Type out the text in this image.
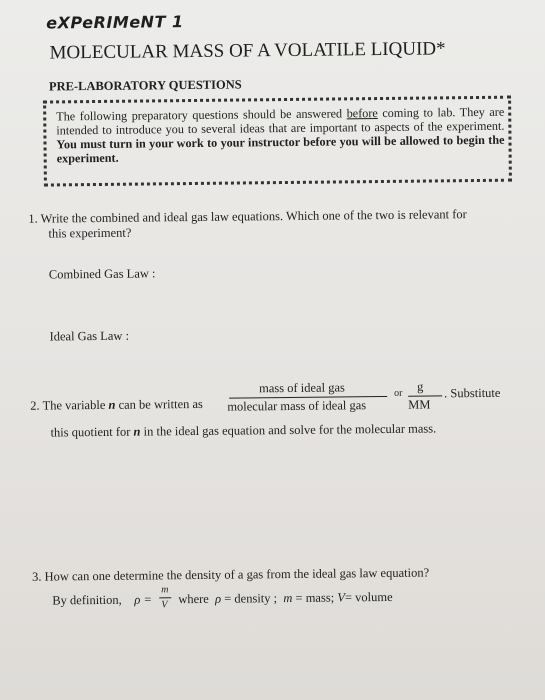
eXPeRIMeNT 1
MOLECULAR MASS OF A VOLATILE LIQUID*
PRE-LABORATORY QUESTIONS
The following preparatory questions should be answered before coming to lab. They are intended to introduce you to several ideas that are important to aspects of the experiment. You must turn in your work to your instructor before you will be allowed to begin the experiment.
1. Write the combined and ideal gas law equations. Which one of the two is relevant for
this experiment?
Combined Gas Law :
Ideal Gas Law :
2. The variable n can be written as
mass of ideal gas
molecular mass of ideal gas
or g
MM
. Substitute
this quotient for n in the ideal gas equation and solve for the molecular mass.
3. How can one determine the density of a gas from the ideal gas law equation?
By definition, ρ =
m
V where ρ = density ; m = mass; V= volume
